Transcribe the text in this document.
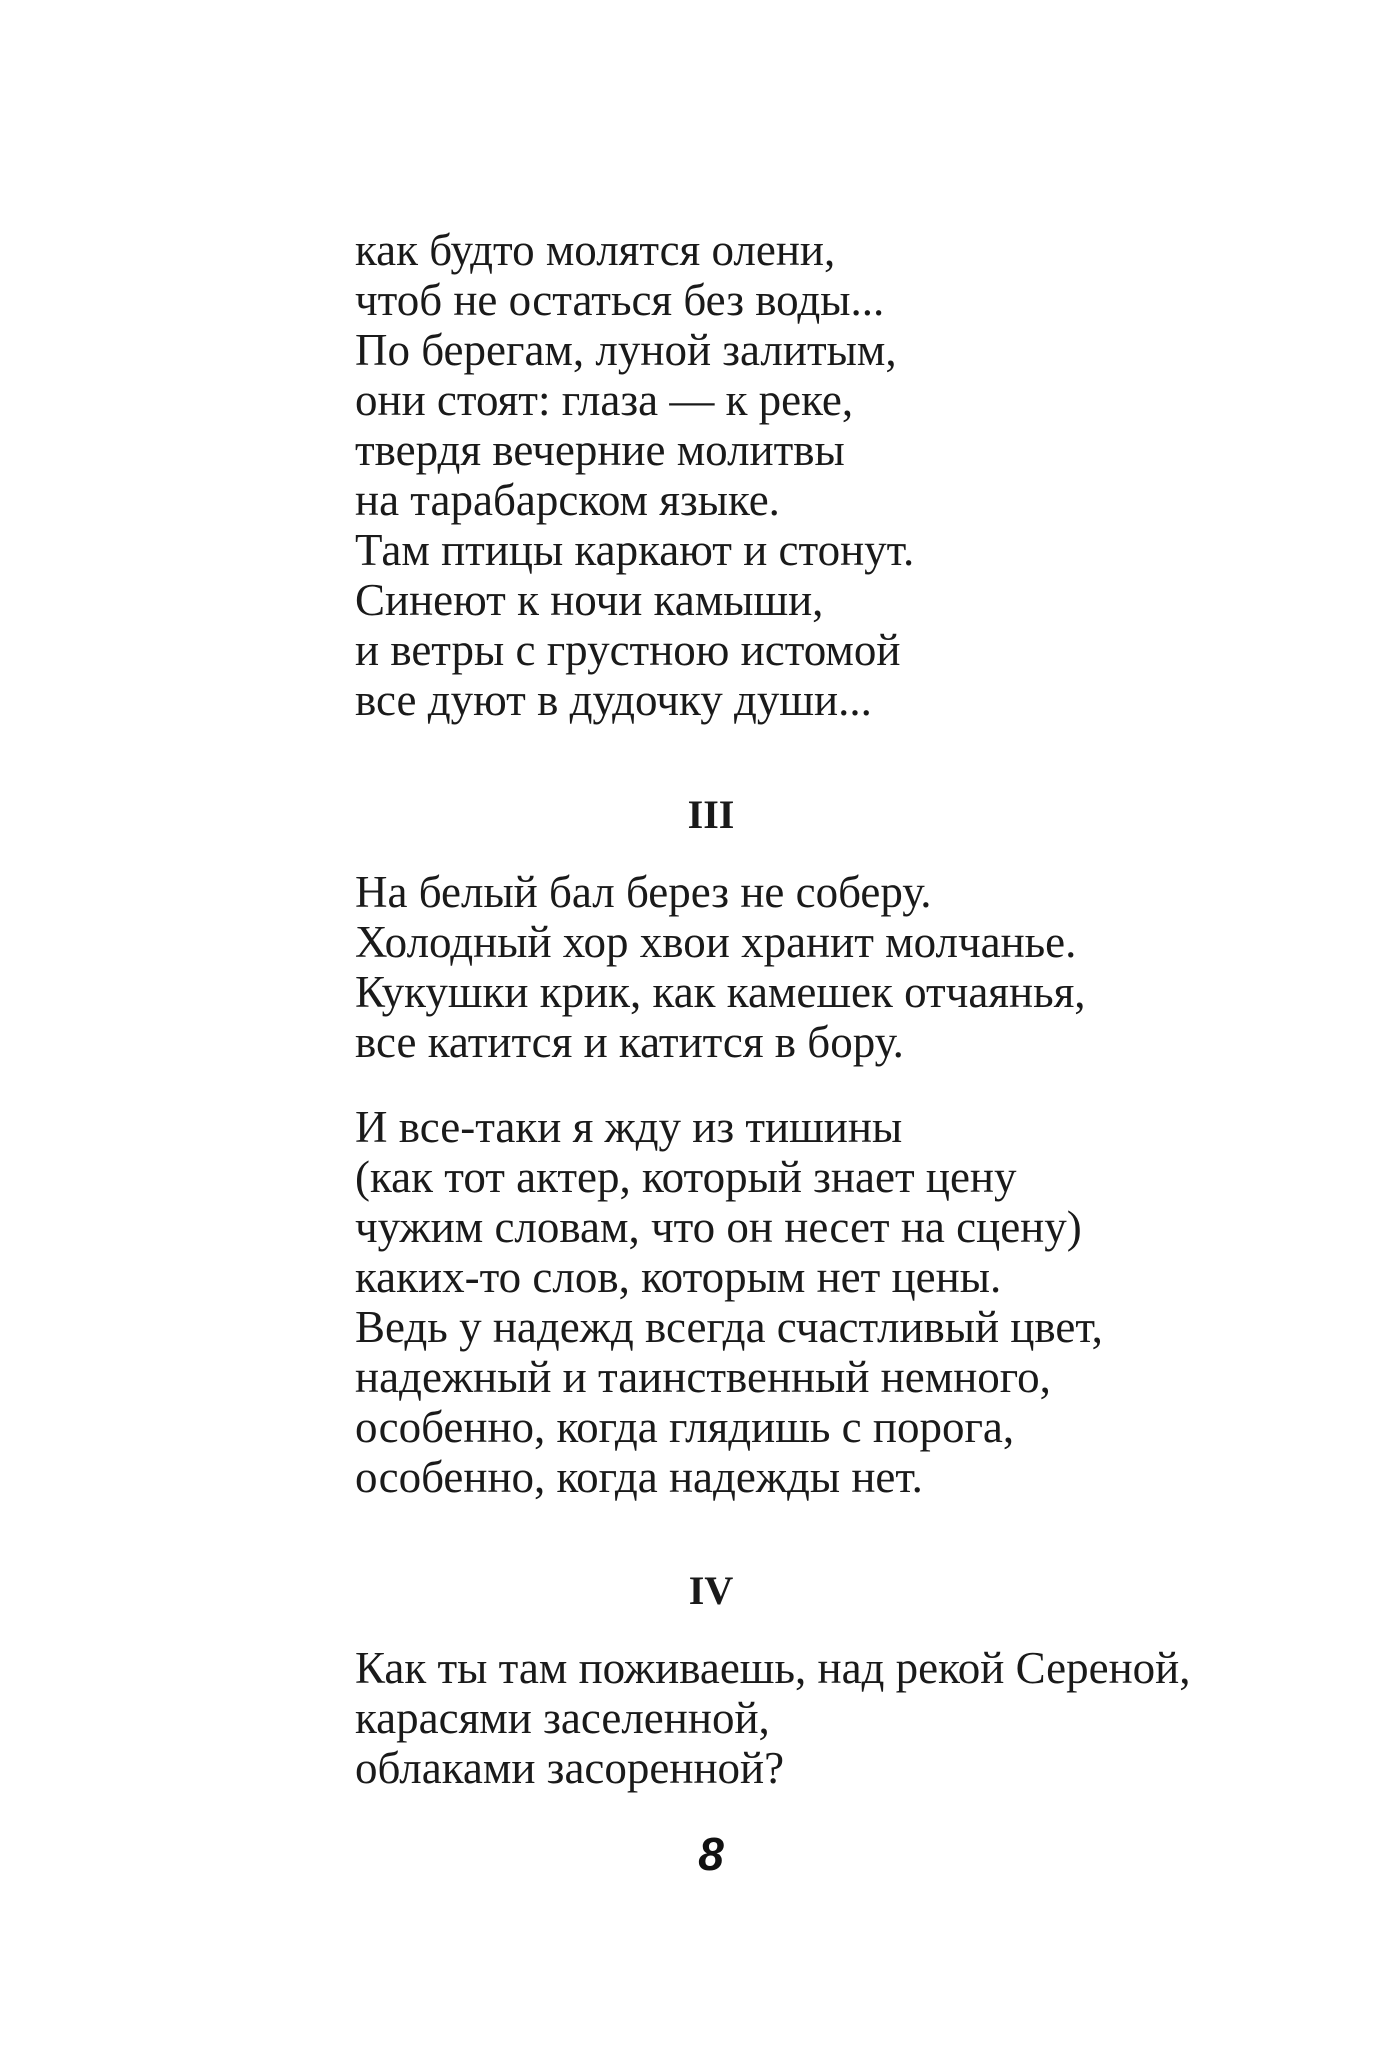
как будто молятся олени,
чтоб не остаться без воды...
По берегам, луной залитым,
они стоят: глаза — к реке,
твердя вечерние молитвы
на тарабарском языке.
Там птицы каркают и стонут.
Синеют к ночи камыши,
и ветры с грустною истомой
все дуют в дудочку души...
III
На белый бал берез не соберу.
Холодный хор хвои хранит молчанье.
Кукушки крик, как камешек отчаянья,
все катится и катится в бору.
И все-таки я жду из тишины
(как тот актер, который знает цену
чужим словам, что он несет на сцену)
каких-то слов, которым нет цены.
Ведь у надежд всегда счастливый цвет,
надежный и таинственный немного,
особенно, когда глядишь с порога,
особенно, когда надежды нет.
IV
Как ты там поживаешь, над рекой Сереной,
карасями заселенной,
облаками засоренной?
8
